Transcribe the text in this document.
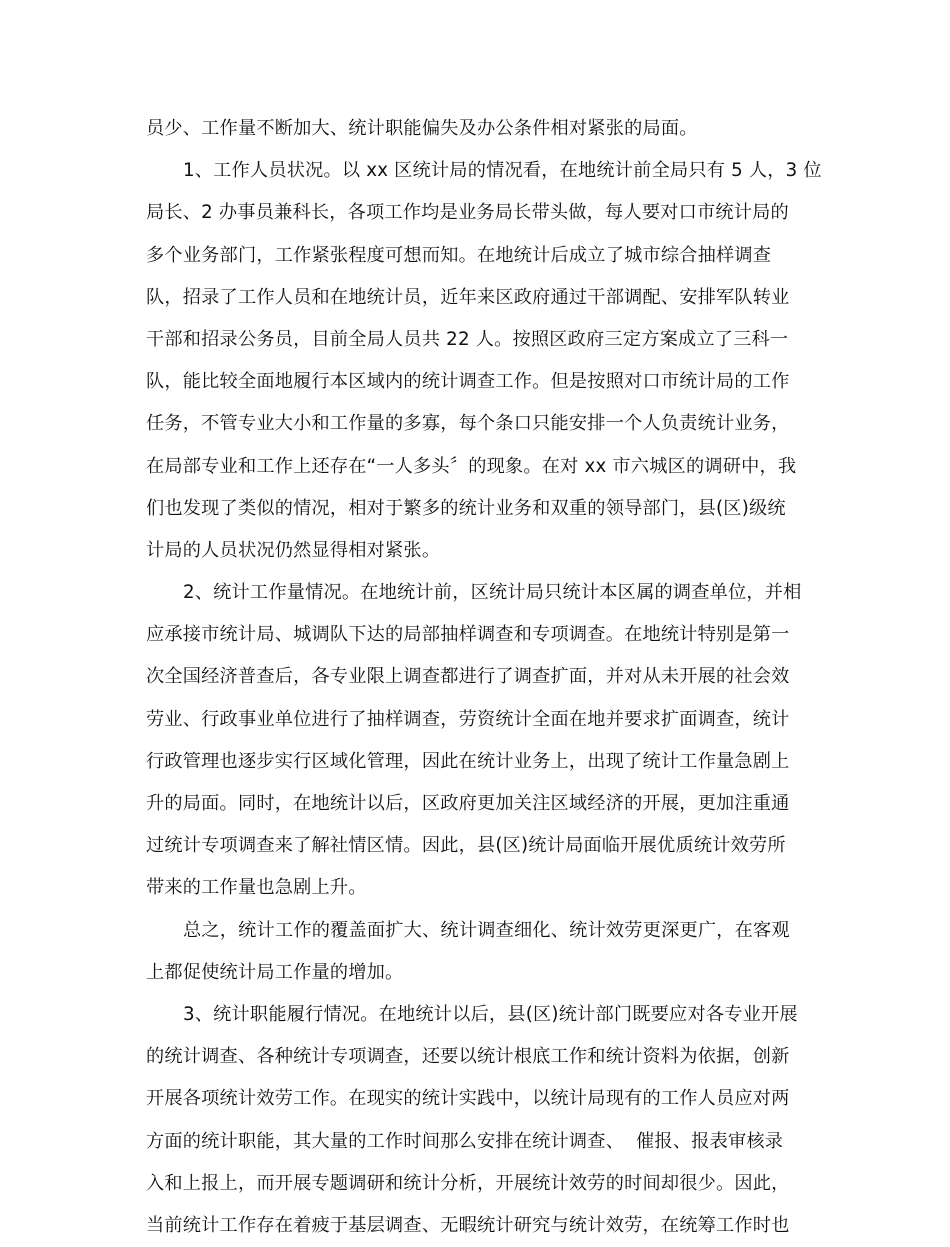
员少、工作量不断加大、统计职能偏失及办公条件相对紧张的局面。
1、工作人员状况。以 xx 区统计局的情况看，在地统计前全局只有 5 人，3 位
局长、2 办事员兼科长，各项工作均是业务局长带头做，每人要对口市统计局的
多个业务部门，工作紧张程度可想而知。在地统计后成立了城市综合抽样调查
队，招录了工作人员和在地统计员，近年来区政府通过干部调配、安排军队转业
干部和招录公务员，目前全局人员共 22 人。按照区政府三定方案成立了三科一
队，能比较全面地履行本区域内的统计调查工作。但是按照对口市统计局的工作
任务，不管专业大小和工作量的多寡，每个条口只能安排一个人负责统计业务，
在局部专业和工作上还存在“一人多头〞的现象。在对 xx 市六城区的调研中，我
们也发现了类似的情况，相对于繁多的统计业务和双重的领导部门，县(区)级统
计局的人员状况仍然显得相对紧张。
2、统计工作量情况。在地统计前，区统计局只统计本区属的调查单位，并相
应承接市统计局、城调队下达的局部抽样调查和专项调查。在地统计特别是第一
次全国经济普查后，各专业限上调查都进行了调查扩面，并对从未开展的社会效
劳业、行政事业单位进行了抽样调查，劳资统计全面在地并要求扩面调查，统计
行政管理也逐步实行区域化管理，因此在统计业务上，出现了统计工作量急剧上
升的局面。同时，在地统计以后，区政府更加关注区域经济的开展，更加注重通
过统计专项调查来了解社情区情。因此，县(区)统计局面临开展优质统计效劳所
带来的工作量也急剧上升。
总之，统计工作的覆盖面扩大、统计调查细化、统计效劳更深更广，在客观
上都促使统计局工作量的增加。
3、统计职能履行情况。在地统计以后，县(区)统计部门既要应对各专业开展
的统计调查、各种统计专项调查，还要以统计根底工作和统计资料为依据，创新
开展各项统计效劳工作。在现实的统计实践中，以统计局现有的工作人员应对两
方面的统计职能，其大量的工作时间那么安排在统计调查、  催报、报表审核录
入和上报上，而开展专题调研和统计分析，开展统计效劳的时间却很少。因此，
当前统计工作存在着疲于基层调查、无暇统计研究与统计效劳，在统筹工作时也
